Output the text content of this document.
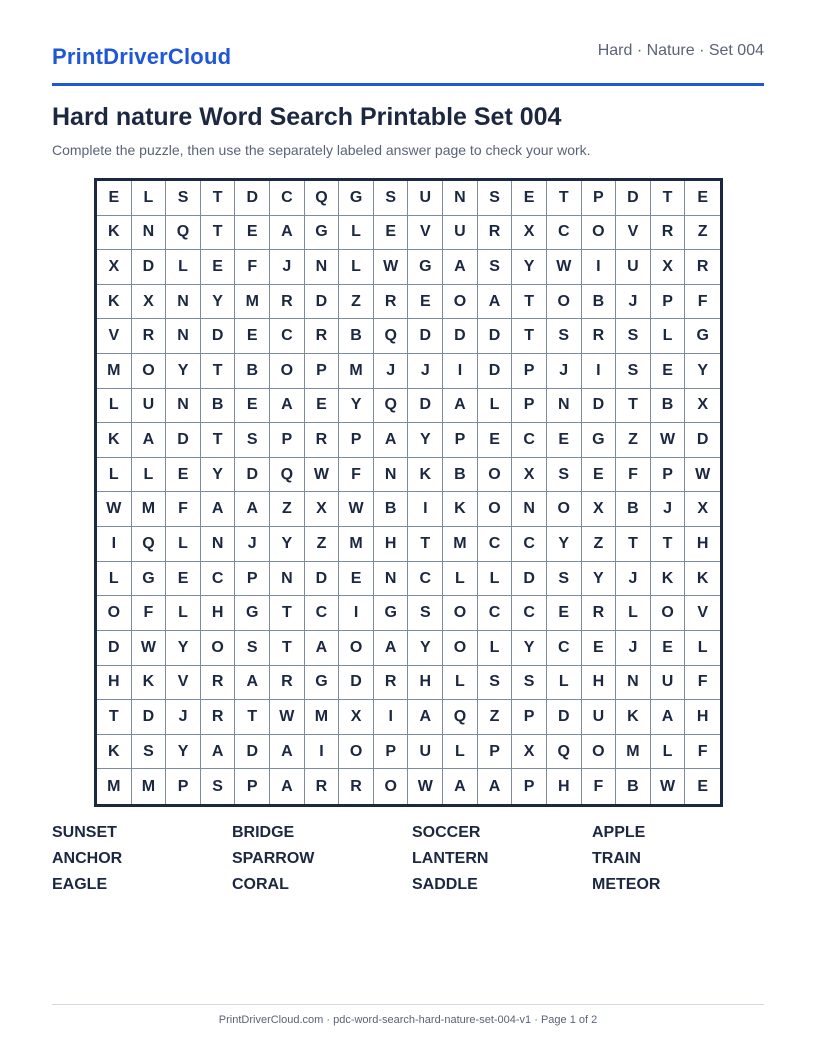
PrintDriverCloud	Hard · Nature · Set 004
Hard nature Word Search Printable Set 004
Complete the puzzle, then use the separately labeled answer page to check your work.
E	L	S	T	D	C	Q	G	S	U	N	S	E	T	P	D	T	E
K	N	Q	T	E	A	G	L	E	V	U	R	X	C	O	V	R	Z
X	D	L	E	F	J	N	L	W	G	A	S	Y	W	I	U	X	R
K	X	N	Y	M	R	D	Z	R	E	O	A	T	O	B	J	P	F
V	R	N	D	E	C	R	B	Q	D	D	D	T	S	R	S	L	G
M	O	Y	T	B	O	P	M	J	J	I	D	P	J	I	S	E	Y
L	U	N	B	E	A	E	Y	Q	D	A	L	P	N	D	T	B	X
K	A	D	T	S	P	R	P	A	Y	P	E	C	E	G	Z	W	D
L	L	E	Y	D	Q	W	F	N	K	B	O	X	S	E	F	P	W
W	M	F	A	A	Z	X	W	B	I	K	O	N	O	X	B	J	X
I	Q	L	N	J	Y	Z	M	H	T	M	C	C	Y	Z	T	T	H
L	G	E	C	P	N	D	E	N	C	L	L	D	S	Y	J	K	K
O	F	L	H	G	T	C	I	G	S	O	C	C	E	R	L	O	V
D	W	Y	O	S	T	A	O	A	Y	O	L	Y	C	E	J	E	L
H	K	V	R	A	R	G	D	R	H	L	S	S	L	H	N	U	F
T	D	J	R	T	W	M	X	I	A	Q	Z	P	D	U	K	A	H
K	S	Y	A	D	A	I	O	P	U	L	P	X	Q	O	M	L	F
M	M	P	S	P	A	R	R	O	W	A	A	P	H	F	B	W	E
SUNSET	BRIDGE	SOCCER	APPLE
ANCHOR	SPARROW	LANTERN	TRAIN
EAGLE	CORAL	SADDLE	METEOR
PrintDriverCloud.com · pdc-word-search-hard-nature-set-004-v1 · Page 1 of 2
